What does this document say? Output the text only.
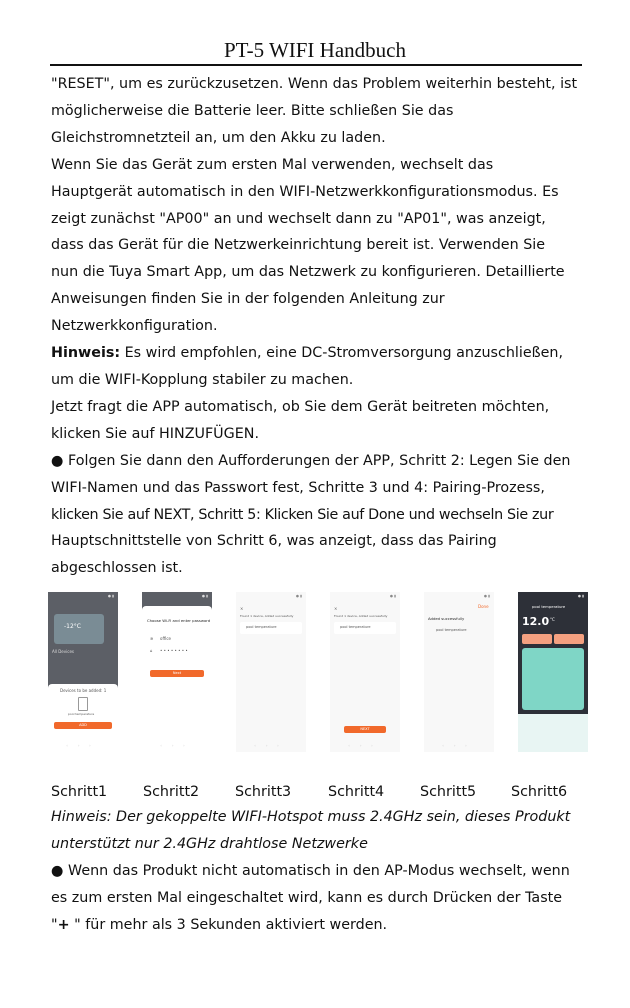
PT-5 WIFI Handbuch

"RESET", um es zurückzusetzen. Wenn das Problem weiterhin besteht, ist

möglicherweise die Batterie leer. Bitte schließen Sie das

Gleichstromnetzteil an, um den Akku zu laden.

Wenn Sie das Gerät zum ersten Mal verwenden, wechselt das

Hauptgerät automatisch in den WIFI-Netzwerkkonfigurationsmodus. Es

zeigt zunächst "AP00" an und wechselt dann zu "AP01", was anzeigt,

dass das Gerät für die Netzwerkeinrichtung bereit ist. Verwenden Sie

nun die Tuya Smart App, um das Netzwerk zu konfigurieren. Detaillierte

Anweisungen finden Sie in der folgenden Anleitung zur

Netzwerkkonfiguration.

Hinweis: Es wird empfohlen, eine DC-Stromversorgung anzuschließen,

um die WIFI-Kopplung stabiler zu machen.

Jetzt fragt die APP automatisch, ob Sie dem Gerät beitreten möchten,

klicken Sie auf HINZUFÜGEN.

● Folgen Sie dann den Aufforderungen der APP, Schritt 2: Legen Sie den

WIFI-Namen und das Passwort fest, Schritte 3 und 4: Pairing-Prozess,

klicken Sie auf NEXT, Schritt 5: Klicken Sie auf Done und wechseln Sie zur

Hauptschnittstelle von Schritt 6, was anzeigt, dass das Pairing

abgeschlossen ist.

● ▮
-12°C
All Devices
Devices to be added: 1
pool temperature
ADD
◦◦◦
● ▮
Choose Wi-Fi and enter password
≋ office
⌂ • • • • • • • •
Next
◦◦◦
● ▮
×
Found 1 device, Added successfully
pool temperature
◦◦◦
● ▮
×
Found 1 device, Added successfully
pool temperature
NEXT
◦◦◦
● ▮
Done
Added successfully
pool temperature
◦◦◦
● ▮
pool temperature
12.0 °C
Schritt1	Schritt2	Schritt3	Schritt4	Schritt5 Schritt6

Hinweis: Der gekoppelte WIFI-Hotspot muss 2.4GHz sein, dieses Produkt

unterstützt nur 2.4GHz drahtlose Netzwerke

● Wenn das Produkt nicht automatisch in den AP-Modus wechselt, wenn

es zum ersten Mal eingeschaltet wird, kann es durch Drücken der Taste

"+ " für mehr als 3 Sekunden aktiviert werden.
